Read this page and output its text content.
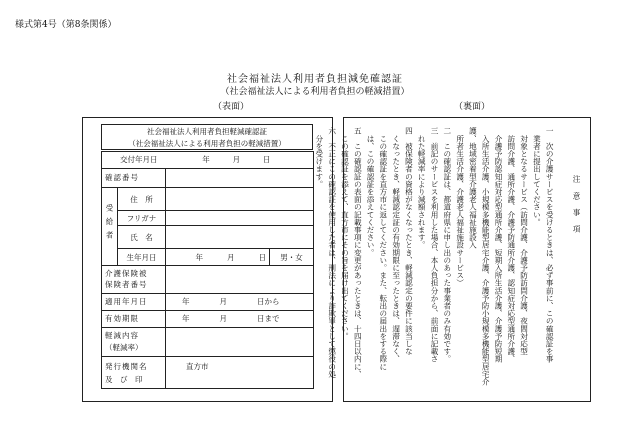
様式第4号（第8条関係）
社会福祉法人利用者負担減免確認証
（社会福祉法人による利用者負担の軽減措置）
（表面）	（裏面）
社会福祉法人利用者負担軽減確認証
（社会福祉法人による利用者負担の軽減措置）
交付年月日 年 月 日			
確認番号			
受給者	住　所		
	フリガナ		
	氏　名		
	生年月日	年 月 日	男・女

介護保険被
保険者番号			

適用年月日		年 月 日から	
有効期限		年 月 日まで	

軽減内容
（軽減率）			

発行機関名
及　び　印		直方市	
注意事項
一　次の介護サービスを受けるときは、必ず事前に、この確認証を事
　業者に提出してください。
　対象となるサービス（訪問介護、介護予防訪問介護、夜間対応型
　訪問介護、通所介護、介護予防通所介護、認知症対応型通所介護、
　介護予防認知症対応型通所介護、短期入所生活介護、介護予防短期
　入所生活介護、小規模多機能型居宅介護、介護予防小規模多機能型居宅介護、地域密着型介護老人福祉施設入
　所者生活介護、介護老人福祉施設サービス）
二　この確認証は、都道府県に申し出のあった事業者のみ有効です。
三　前記のサービスを利用した場合、本人負担分から、前面に記載さ
　れた軽減率により減額されます。
四　被保険者の資格がなくなったとき、軽減認定の要件に該当しな
　くなったとき、軽減認定証の有効期限に至ったときは、遅滞なく、
　この確認証を直方市に返してください。また、転出の届出をする際に
　は、この確認証を添えてください。
五　この確認証の表面の記載事項に変更があったときは、十四日以内に、
　この確認証を添えて、直方市にその旨を届け出てください。
六　不正にこの確認証を使用した者は、刑法により詐欺罪として懲役の処
　分を受けます。
